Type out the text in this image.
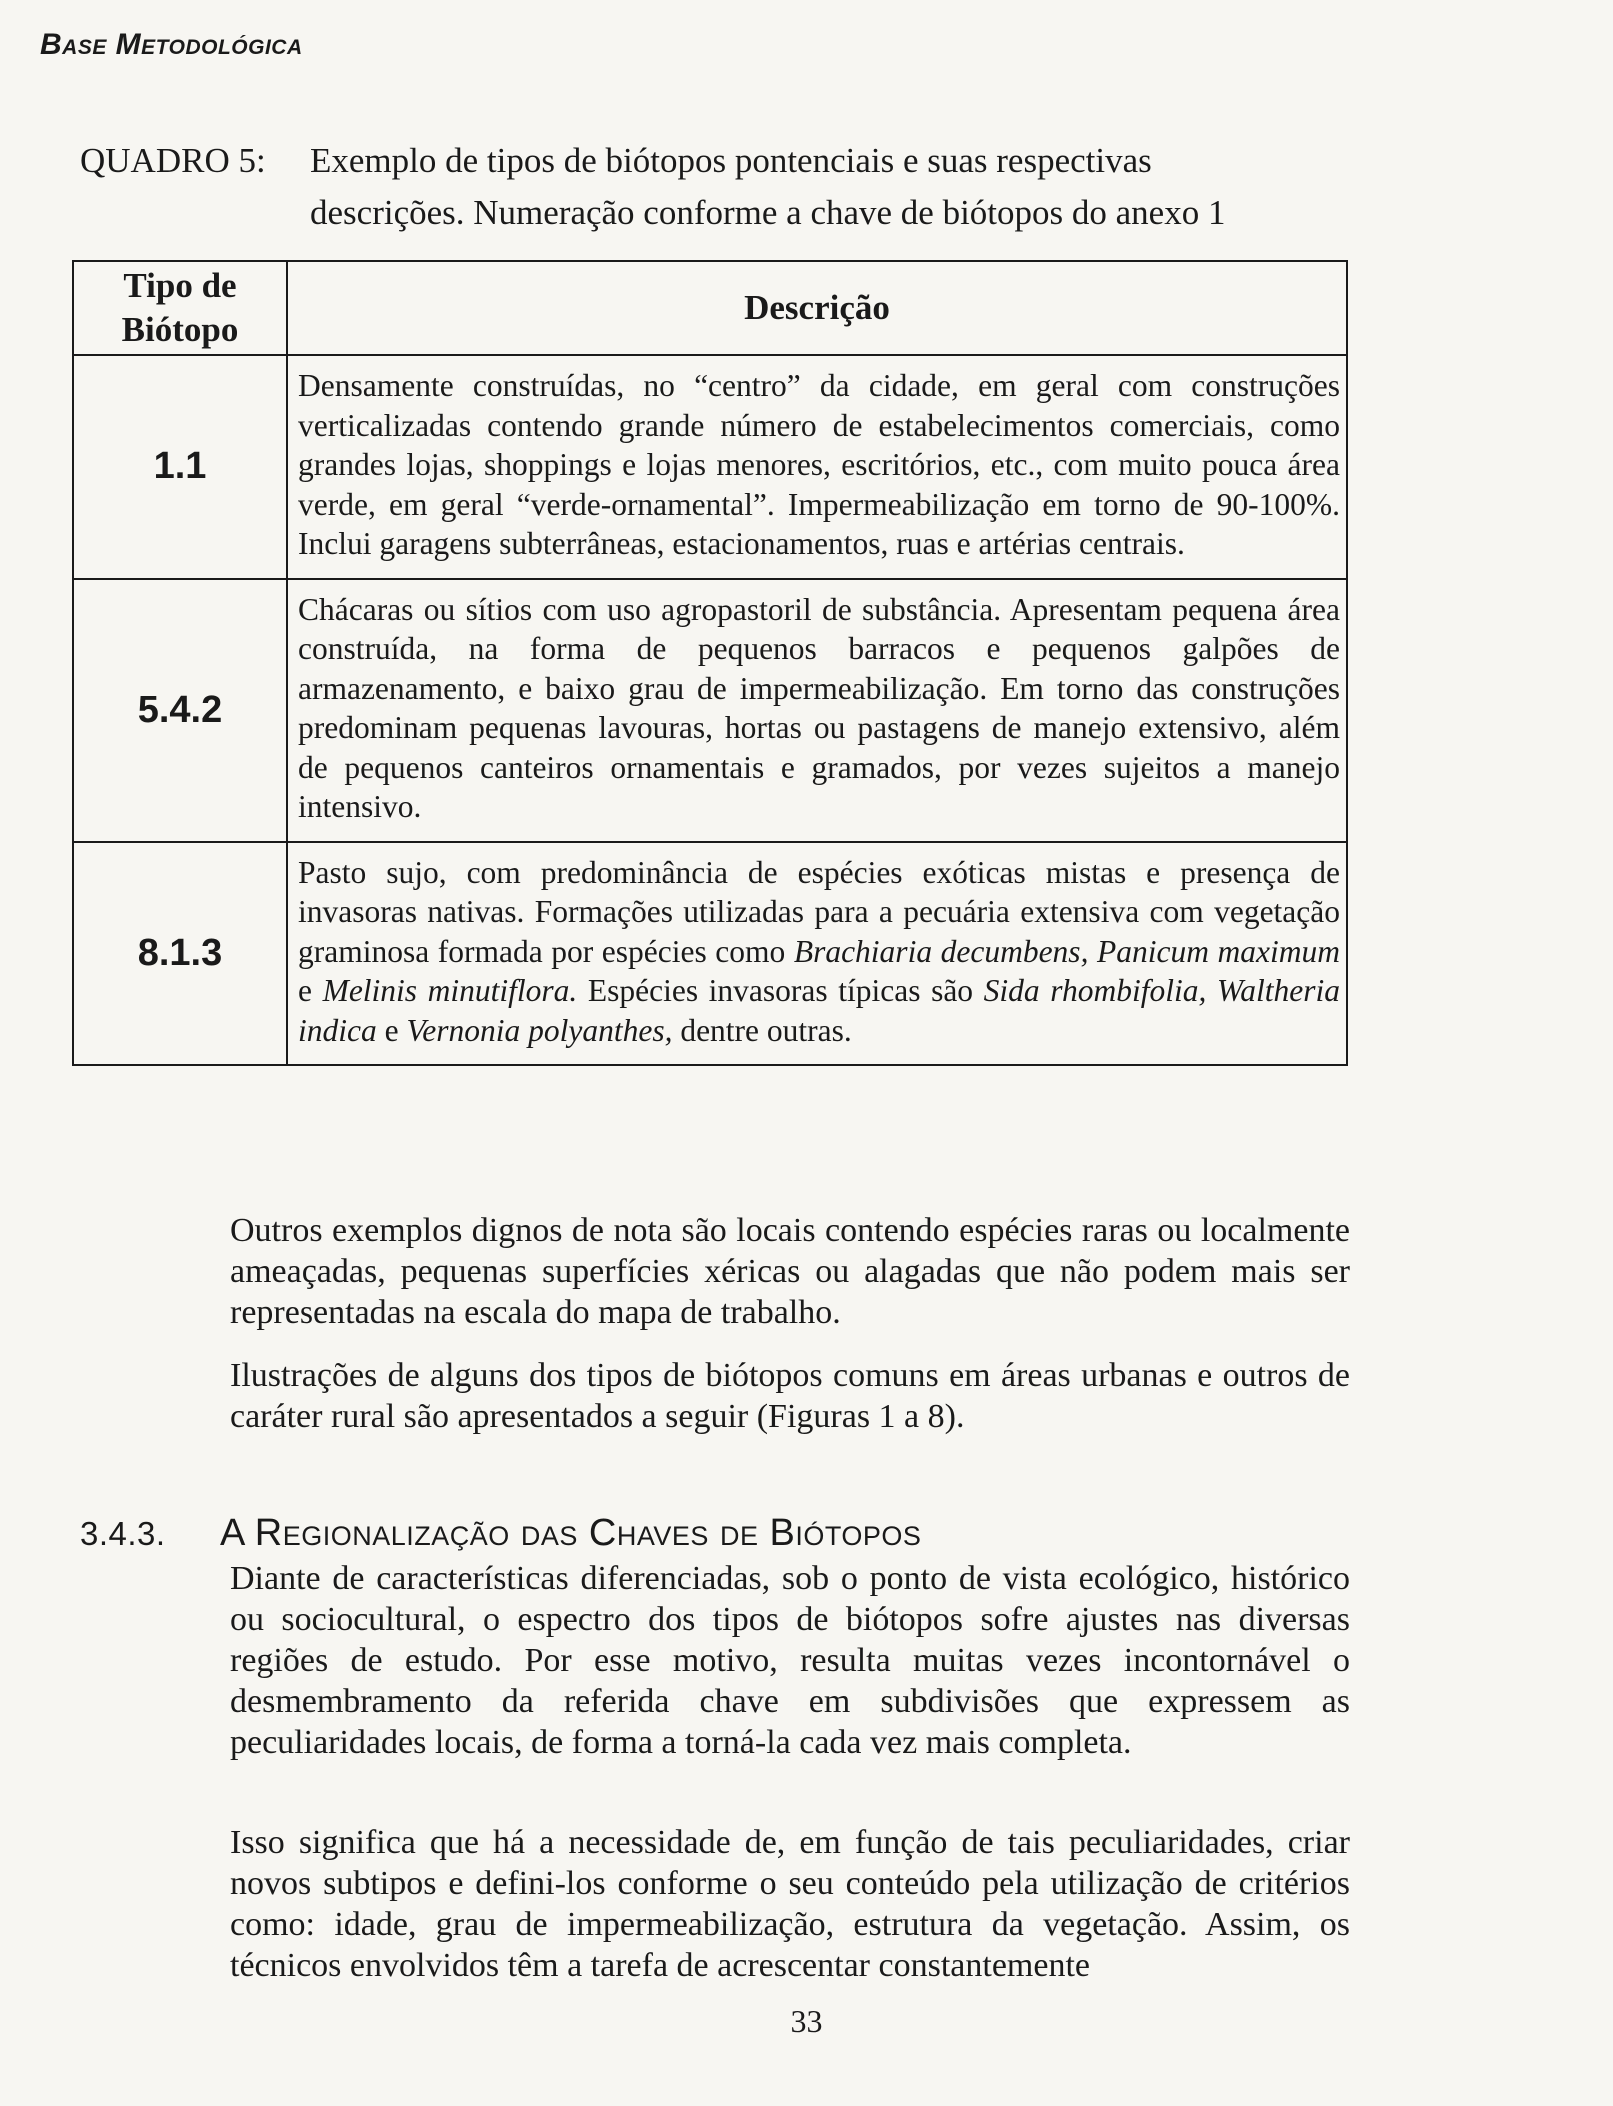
Base Metodológica
QUADRO 5: Exemplo de tipos de biótopos pontenciais e suas respectivas
descrições. Numeração conforme a chave de biótopos do anexo 1
Tipo de Biótopo	Descrição
1.1	Densamente construídas, no “centro” da cidade, em geral com construções verticalizadas contendo grande número de estabelecimentos comerciais, como grandes lojas, shoppings e lojas menores, escritórios, etc., com muito pouca área verde, em geral “verde-ornamental”. Impermeabilização em torno de 90-100%. Inclui garagens subterrâneas, estacionamentos, ruas e artérias centrais.
5.4.2	Chácaras ou sítios com uso agropastoril de substância. Apresentam pequena área construída, na forma de pequenos barracos e pequenos galpões de armazenamento, e baixo grau de impermeabilização. Em torno das construções predominam pequenas lavouras, hortas ou pastagens de manejo extensivo, além de pequenos canteiros ornamentais e gramados, por vezes sujeitos a manejo intensivo.
8.1.3	Pasto sujo, com predominância de espécies exóticas mistas e presença de invasoras nativas. Formações utilizadas para a pecuária extensiva com vegetação graminosa formada por espécies como Brachiaria decumbens, Panicum maximum e Melinis minutiflora. Espécies invasoras típicas são Sida rhombifolia, Waltheria indica e Vernonia polyanthes, dentre outras.
Outros exemplos dignos de nota são locais contendo espécies raras ou localmente ameaçadas, pequenas superfícies xéricas ou alagadas que não podem mais ser representadas na escala do mapa de trabalho.
Ilustrações de alguns dos tipos de biótopos comuns em áreas urbanas e outros de caráter rural são apresentados a seguir (Figuras 1 a 8).
3.4.3. A Regionalização das Chaves de Biótopos
Diante de características diferenciadas, sob o ponto de vista ecológico, histórico ou sociocultural, o espectro dos tipos de biótopos sofre ajustes nas diversas regiões de estudo. Por esse motivo, resulta muitas vezes incontornável o desmembramento da referida chave em subdivisões que expressem as peculiaridades locais, de forma a torná-la cada vez mais completa.
Isso significa que há a necessidade de, em função de tais peculiaridades, criar novos subtipos e defini-los conforme o seu conteúdo pela utilização de critérios como: idade, grau de impermeabilização, estrutura da vegetação. Assim, os técnicos envolvidos têm a tarefa de acrescentar constantemente
33
